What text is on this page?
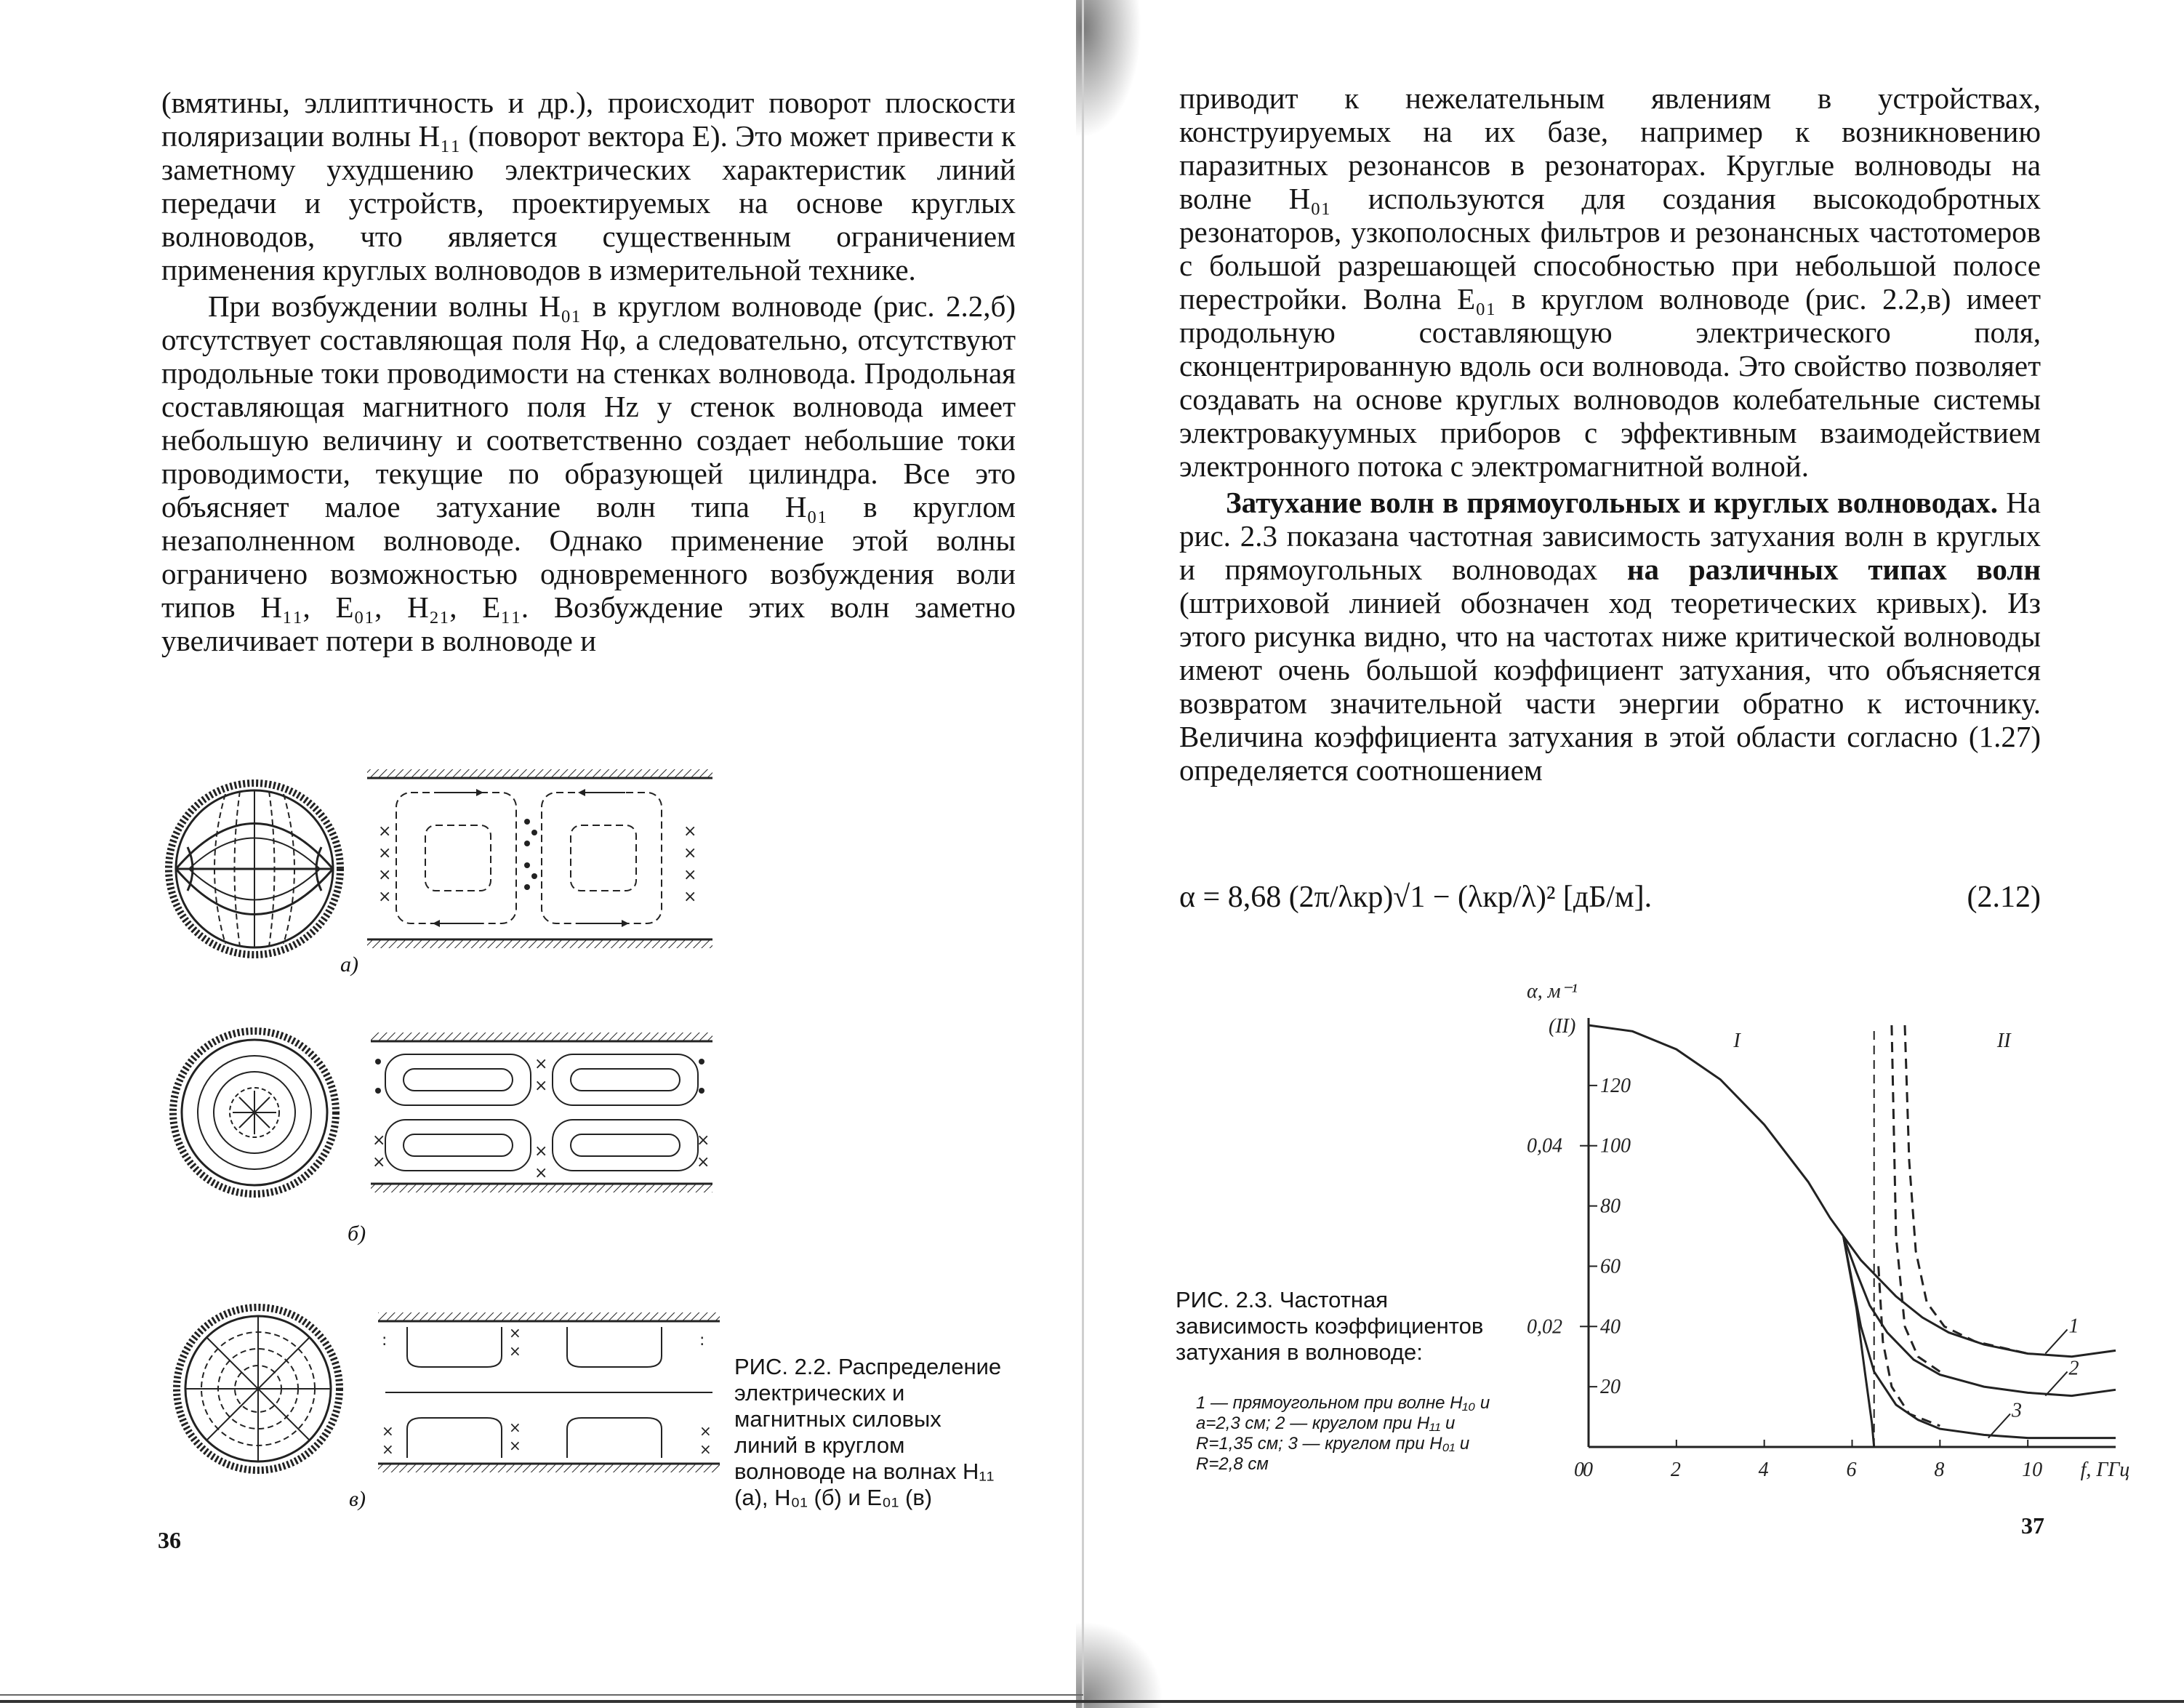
(вмятины, эллиптичность и др.), происходит поворот плоскости поляризации волны H₁₁ (поворот вектора E). Это может привести к заметному ухудшению электрических характеристик линий передачи и устройств, проектируемых на основе круглых волноводов, что является существенным ограничением применения круглых волноводов в измерительной технике.

При возбуждении волны H₀₁ в круглом волноводе (рис. 2.2,б) отсутствует составляющая поля Hφ, а следовательно, отсутствуют продольные токи проводимости на стенках волновода. Продольная составляющая магнитного поля Hz у стенок волновода имеет небольшую величину и соответственно создает небольшие токи проводимости, текущие по образующей цилиндра. Все это объясняет малое затухание волн типа H₀₁ в круглом незаполненном волноводе. Однако применение этой волны ограничено возможностью одновременного возбуждения воли типов H₁₁, E₀₁, H₂₁, E₁₁. Возбуждение этих волн заметно увеличивает потери в волноводе и

×
×
×
×
×
×
×
×
×
×
×
×
×
×
×
×
:	:
×
×
×
×
×
×
×
×
а)
б)
в)
РИС. 2.2. Распределение электрических и магнитных силовых линий в круглом волноводе на волнах H₁₁ (а), H₀₁ (б) и E₀₁ (в)
36

приводит к нежелательным явлениям в устройствах, конструируемых на их базе, например к возникновению паразитных резонансов в резонаторах. Круглые волноводы на волне H₀₁ используются для создания высокодобротных резонаторов, узкополосных фильтров и резонансных частотомеров с большой разрешающей способностью при небольшой полосе перестройки. Волна E₀₁ в круглом волноводе (рис. 2.2,в) имеет продольную составляющую электрического поля, сконцентрированную вдоль оси волновода. Это свойство позволяет создавать на основе круглых волноводов колебательные системы электровакуумных приборов с эффективным взаимодействием электронного потока с электромагнитной волной.

Затухание волн в прямоугольных и круглых волноводах. На рис. 2.3 показана частотная зависимость затухания волн в круглых и прямоугольных волноводах на различных типах волн (штриховой линией обозначен ход теоретических кривых). Из этого рисунка видно, что на частотах ниже критической волноводы имеют очень большой коэффициент затухания, что объясняется возвратом значительной части энергии обратно к источнику. Величина коэффициента затухания в этой области согласно (1.27) определяется соотношением

α = 8,68 (2π/λкр)√1 − (λкр/λ)² [дБ/м].	(2.12)
0	2	4	6	8	10 f, ГГц
20
40
60
80
100
120
0,02
0,04
α, м⁻¹
(II)
0
I	II
1
2
3
РИС. 2.3. Частотная зависимость коэффициентов затухания в волноводе:
1 — прямоугольном при волне H₁₀ и a=2,3 см; 2 — круглом при H₁₁ и R=1,35 см; 3 — круглом при H₀₁ и R=2,8 см
37
